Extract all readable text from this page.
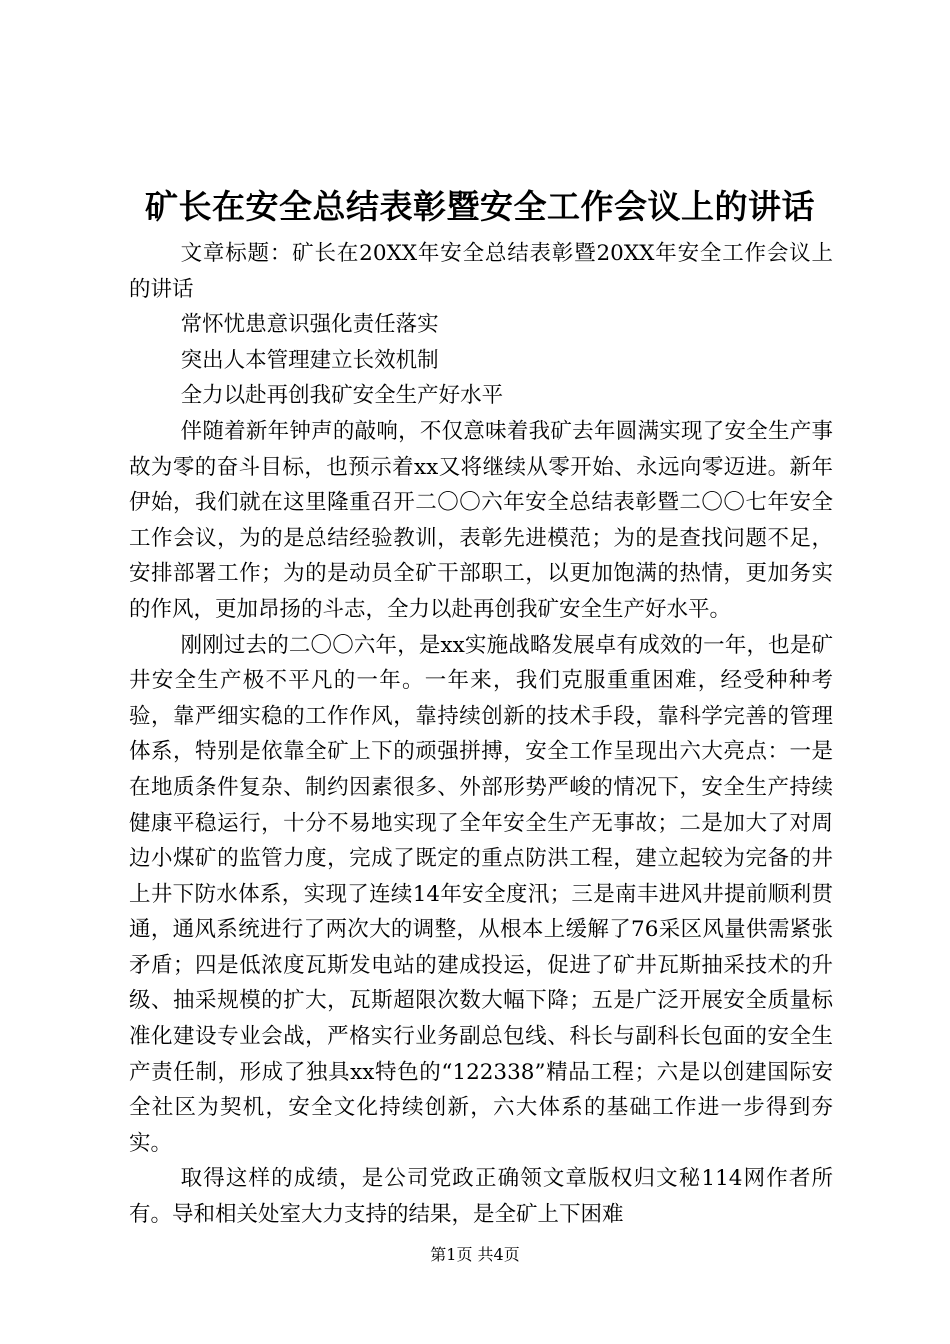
矿长在安全总结表彰暨安全工作会议上的讲话

文章标题：矿长在20XX年安全总结表彰暨20XX年安全工作会议上的讲话

常怀忧患意识强化责任落实

突出人本管理建立长效机制

全力以赴再创我矿安全生产好水平

伴随着新年钟声的敲响，不仅意味着我矿去年圆满实现了安全生产事故为零的奋斗目标，也预示着xx又将继续从零开始、永远向零迈进。新年伊始，我们就在这里隆重召开二〇〇六年安全总结表彰暨二〇〇七年安全工作会议，为的是总结经验教训，表彰先进模范；为的是查找问题不足，安排部署工作；为的是动员全矿干部职工，以更加饱满的热情，更加务实的作风，更加昂扬的斗志，全力以赴再创我矿安全生产好水平。

刚刚过去的二〇〇六年，是xx实施战略发展卓有成效的一年，也是矿井安全生产极不平凡的一年。一年来，我们克服重重困难，经受种种考验，靠严细实稳的工作作风，靠持续创新的技术手段，靠科学完善的管理体系，特别是依靠全矿上下的顽强拼搏，安全工作呈现出六大亮点：一是在地质条件复杂、制约因素很多、外部形势严峻的情况下，安全生产持续健康平稳运行，十分不易地实现了全年安全生产无事故；二是加大了对周边小煤矿的监管力度，完成了既定的重点防洪工程，建立起较为完备的井上井下防水体系，实现了连续14年安全度汛；三是南丰进风井提前顺利贯通，通风系统进行了两次大的调整，从根本上缓解了76采区风量供需紧张矛盾；四是低浓度瓦斯发电站的建成投运，促进了矿井瓦斯抽采技术的升级、抽采规模的扩大，瓦斯超限次数大幅下降；五是广泛开展安全质量标准化建设专业会战，严格实行业务副总包线、科长与副科长包面的安全生产责任制，形成了独具xx特色的“122338”精品工程；六是以创建国际安全社区为契机，安全文化持续创新，六大体系的基础工作进一步得到夯实。

取得这样的成绩，是公司党政正确领文章版权归文秘114网作者所有。导和相关处室大力支持的结果，是全矿上下困难

第1页 共4页
